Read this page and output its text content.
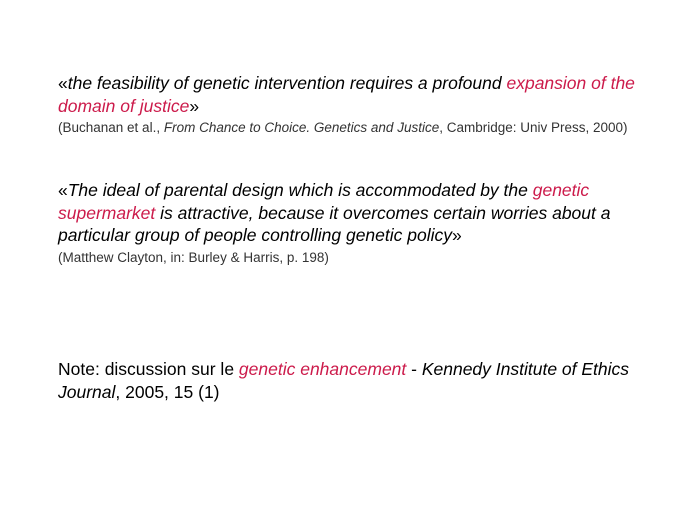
«the feasibility of genetic intervention requires a profound expansion of the domain of justice»

(Buchanan et al., From Chance to Choice. Genetics and Justice, Cambridge: Univ Press, 2000)

«The ideal of parental design which is accommodated by the genetic supermarket is attractive, because it overcomes certain worries about a particular group of people controlling genetic policy»

(Matthew Clayton, in: Burley & Harris, p. 198)

Note: discussion sur le genetic enhancement - Kennedy Institute of Ethics Journal, 2005, 15 (1)
